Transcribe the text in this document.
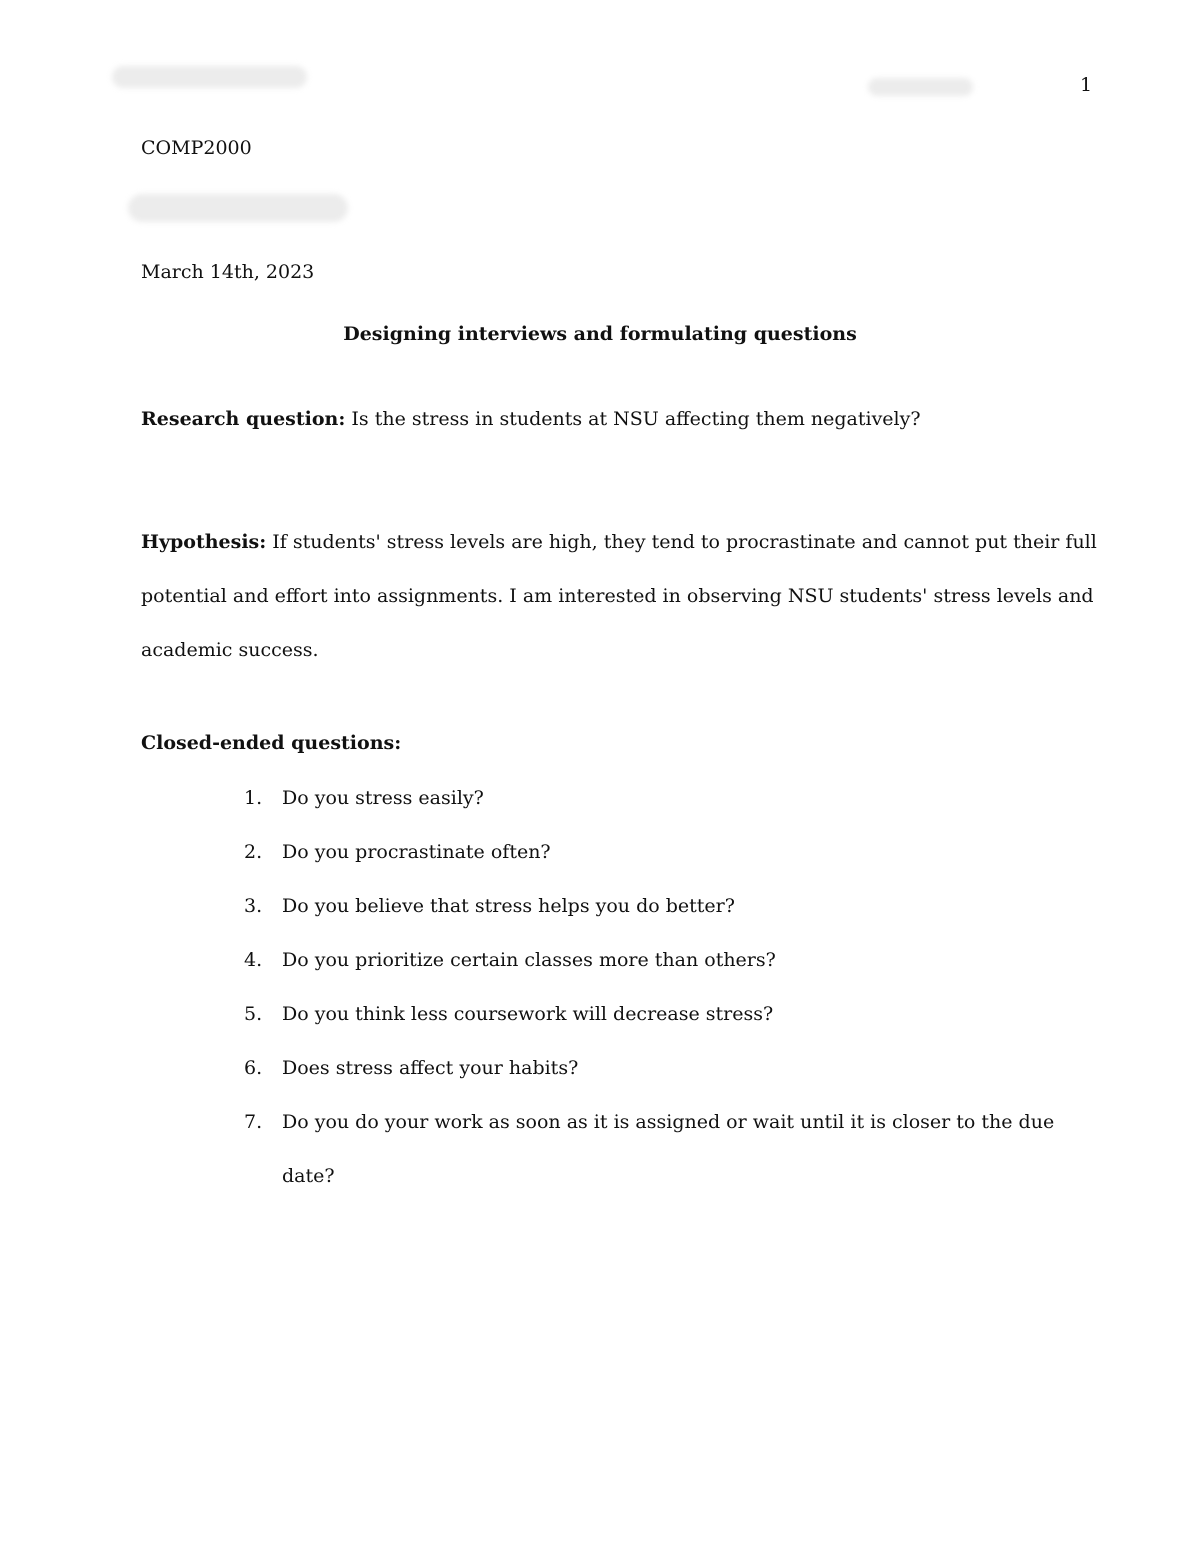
1
COMP2000
March 14th, 2023
Designing interviews and formulating questions
Research question: Is the stress in students at NSU affecting them negatively?

Hypothesis: If students' stress levels are high, they tend to procrastinate and cannot put their full

potential and effort into assignments. I am interested in observing NSU students' stress levels and

academic success.

Closed-ended questions:
1.	Do you stress easily?
2.	Do you procrastinate often?
3.	Do you believe that stress helps you do better?
4.	Do you prioritize certain classes more than others?
5.	Do you think less coursework will decrease stress?
6.	Does stress affect your habits?
7.	Do you do your work as soon as it is assigned or wait until it is closer to the due
date?
